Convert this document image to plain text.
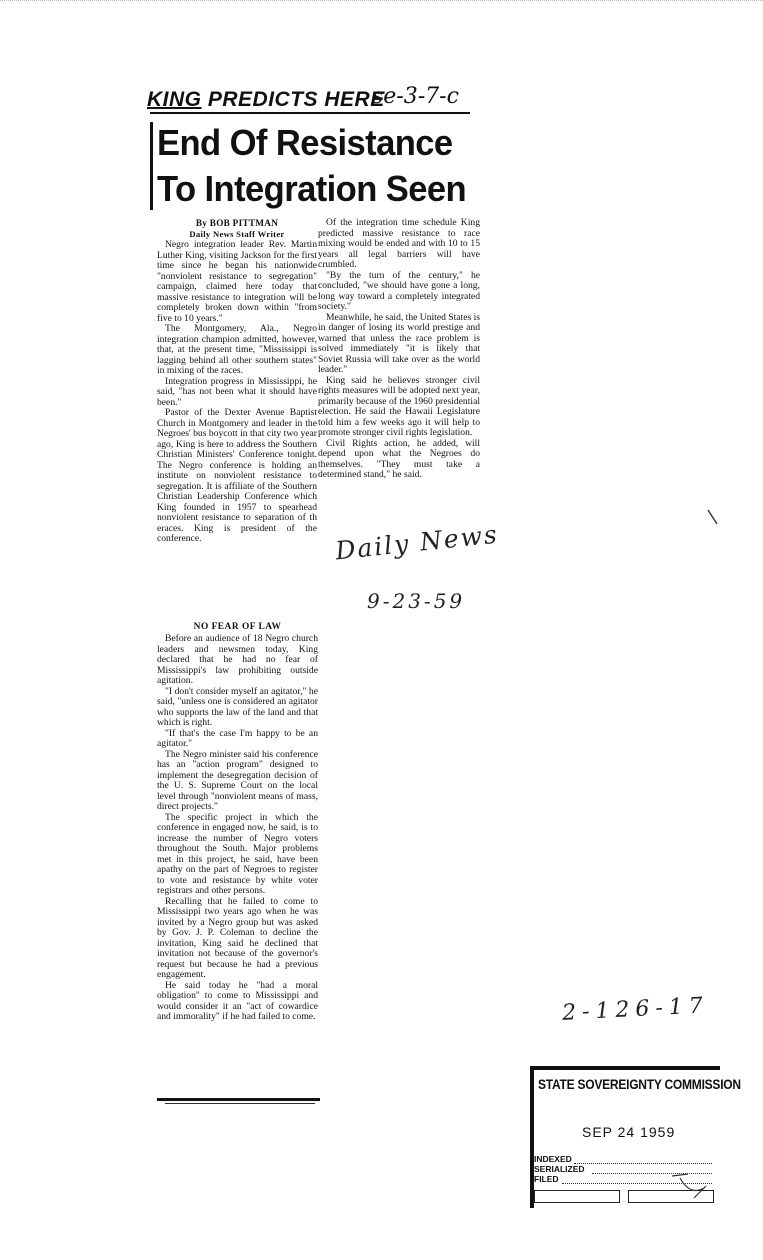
KING PREDICTS HERE
se-3-7-c
End Of Resistance
To Integration Seen
By BOB PITTMAN
Daily News Staff Writer

Negro integration leader Rev. Martin Luther King, visiting Jackson for the first time since he began his nationwide "nonviolent resistance to segregation" campaign, claimed here today that massive resistance to integration will be completely broken down within "from five to 10 years."

The Montgomery, Ala., Negro integration champion admitted, however, that, at the present time, "Mississippi is lagging behind all other southern states" in mixing of the races.

Integration progress in Mississippi, he said, "has not been what it should have been."

Pastor of the Dexter Avenue Baptist Church in Montgomery and leader in the Negroes' bus boycott in that city two year ago, King is here to address the Southern Christian Ministers' Conference tonight. The Negro conference is holding an institute on nonviolent resistance to segregation. It is affiliate of the Southern Christian Leadership Conference which King founded in 1957 to spearhead nonviolent resistance to separation of th eraces. King is president of the conference.

Of the integration time schedule King predicted massive resistance to race mixing would be ended and with 10 to 15 years all legal barriers will have crumbled.

"By the turn of the century," he concluded, "we should have gone a long, long way toward a completely integrated society."

Meanwhile, he said, the United States is in danger of losing its world prestige and warned that unless the race problem is solved immediately "it is likely that Soviet Russia will take over as the world leader."

King said he believes stronger civil rights measures will be adopted next year, primarily because of the 1960 presidential election. He said the Hawaii Legislature told him a few weeks ago it will help to promote stronger civil rights legislation.

Civil Rights action, he added, will depend upon what the Negroes do themselves. "They must take a determined stand," he said.

NO FEAR OF LAW

Before an audience of 18 Negro church leaders and newsmen today, King declared that he had no fear of Mississippi's law prohibiting outside agitation.

"I don't consider myself an agitator," he said, "unless one is considered an agitator who supports the law of the land and that which is right.

"If that's the case I'm happy to be an agitator."

The Negro minister said his conference has an "action program" designed to implement the desegregation decision of the U. S. Supreme Court on the local level through "nonviolent means of mass, direct projects."

The specific project in which the conference in engaged now, he said, is to increase the number of Negro voters throughout the South. Major problems met in this project, he said, have been apathy on the part of Negroes to register to vote and resistance by white voter registrars and other persons.

Recalling that he failed to come to Mississippi two years ago when he was invited by a Negro group but was asked by Gov. J. P. Coleman to decline the invitation, King said he declined that invitation not because of the governor's request but because he had a previous engagement.

He said today he "had a moral obligation" to come to Mississippi and would consider it an "act of cowardice and immorality" if he had failed to come.

Daily News
9-23-59
2-126-17
STATE SOVEREIGNTY COMMISSION
SEP 24 1959
INDEXED
SERIALIZED
FILED
